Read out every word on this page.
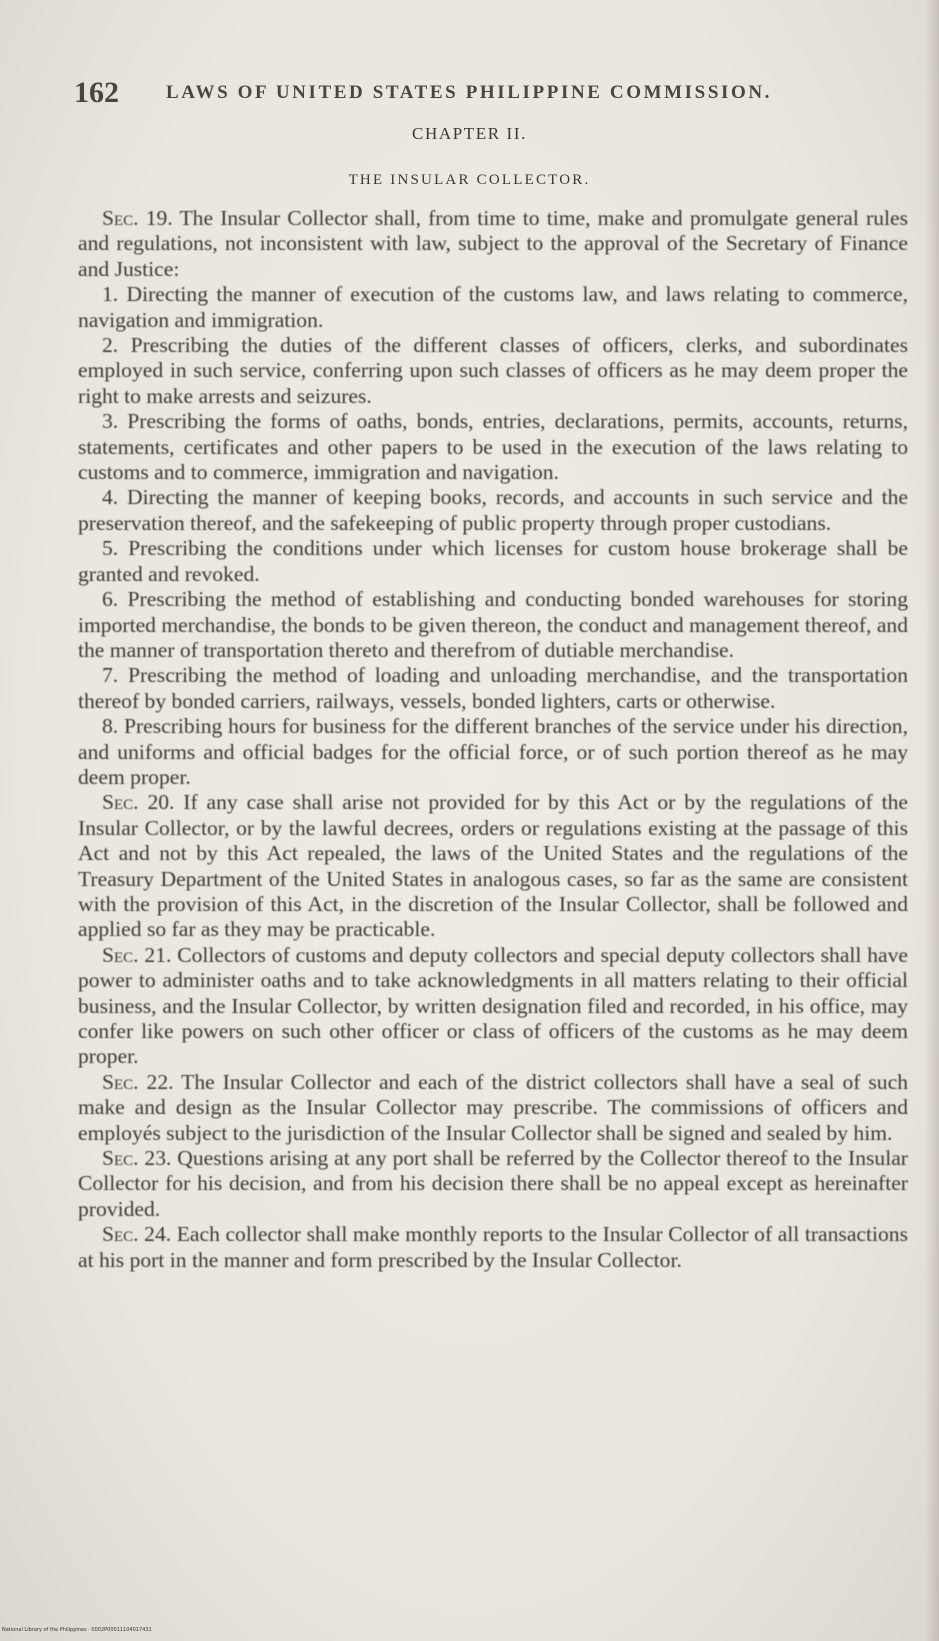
162 LAWS OF UNITED STATES PHILIPPINE COMMISSION.
CHAPTER II.
THE INSULAR COLLECTOR.

Sec. 19. The Insular Collector shall, from time to time, make and promulgate general rules and regulations, not inconsistent with law, subject to the approval of the Secretary of Finance and Justice:

1. Directing the manner of execution of the customs law, and laws relating to commerce, navigation and immigration.

2. Prescribing the duties of the different classes of officers, clerks, and subordinates employed in such service, conferring upon such classes of officers as he may deem proper the right to make arrests and seizures.

3. Prescribing the forms of oaths, bonds, entries, declarations, permits, accounts, returns, statements, certificates and other papers to be used in the execution of the laws relating to customs and to commerce, immigration and navigation.

4. Directing the manner of keeping books, records, and accounts in such service and the preservation thereof, and the safekeeping of public property through proper custodians.

5. Prescribing the conditions under which licenses for custom house brokerage shall be granted and revoked.

6. Prescribing the method of establishing and conducting bonded warehouses for storing imported merchandise, the bonds to be given thereon, the conduct and management thereof, and the manner of transportation thereto and therefrom of dutiable merchandise.

7. Prescribing the method of loading and unloading merchandise, and the transportation thereof by bonded carriers, railways, vessels, bonded lighters, carts or otherwise.

8. Prescribing hours for business for the different branches of the service under his direction, and uniforms and official badges for the official force, or of such portion thereof as he may deem proper.

Sec. 20. If any case shall arise not provided for by this Act or by the regulations of the Insular Collector, or by the lawful decrees, orders or regulations existing at the passage of this Act and not by this Act repealed, the laws of the United States and the regulations of the Treasury Department of the United States in analogous cases, so far as the same are consistent with the provision of this Act, in the discretion of the Insular Collector, shall be followed and applied so far as they may be practicable.

Sec. 21. Collectors of customs and deputy collectors and special deputy collectors shall have power to administer oaths and to take acknowledgments in all matters relating to their official business, and the Insular Collector, by written designation filed and recorded, in his office, may confer like powers on such other officer or class of officers of the customs as he may deem proper.

Sec. 22. The Insular Collector and each of the district collectors shall have a seal of such make and design as the Insular Collector may prescribe. The commissions of officers and employés subject to the jurisdiction of the Insular Collector shall be signed and sealed by him.

Sec. 23. Questions arising at any port shall be referred by the Collector thereof to the Insular Collector for his decision, and from his decision there shall be no appeal except as hereinafter provided.

Sec. 24. Each collector shall make monthly reports to the Insular Collector of all transactions at his port in the manner and form prescribed by the Insular Collector.

National Library of the Philippines · 0002P00011104017431
